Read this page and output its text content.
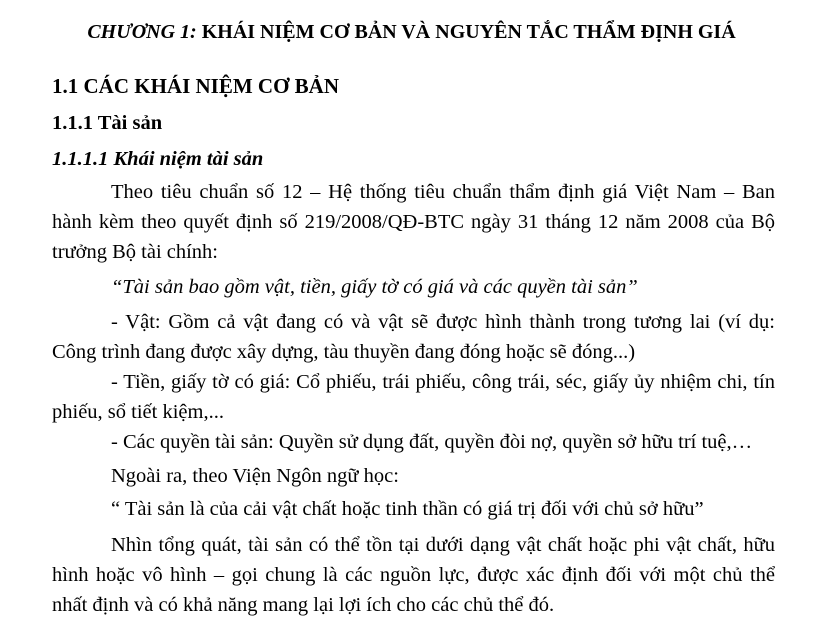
CHƯƠNG 1: KHÁI NIỆM CƠ BẢN VÀ NGUYÊN TẮC THẨM ĐỊNH GIÁ
1.1 CÁC KHÁI NIỆM CƠ BẢN
1.1.1 Tài sản
1.1.1.1 Khái niệm tài sản
Theo tiêu chuẩn số 12 – Hệ thống tiêu chuẩn thẩm định giá Việt Nam – Ban
hành kèm theo quyết định số 219/2008/QĐ-BTC ngày 31 tháng 12 năm 2008 của Bộ
trưởng Bộ tài chính:
“Tài sản bao gồm vật, tiền, giấy tờ có giá và các quyền tài sản”
- Vật: Gồm cả vật đang có và vật sẽ được hình thành trong tương lai (ví dụ:
Công trình đang được xây dựng, tàu thuyền đang đóng hoặc sẽ đóng...)
- Tiền, giấy tờ có giá: Cổ phiếu, trái phiếu, công trái, séc, giấy ủy nhiệm chi, tín
phiếu, sổ tiết kiệm,...
- Các quyền tài sản: Quyền sử dụng đất, quyền đòi nợ, quyền sở hữu trí tuệ,…
Ngoài ra, theo Viện Ngôn ngữ học:
“ Tài sản là của cải vật chất hoặc tinh thần có giá trị đối với chủ sở hữu”
Nhìn tổng quát, tài sản có thể tồn tại dưới dạng vật chất hoặc phi vật chất, hữu
hình hoặc vô hình – gọi chung là các nguồn lực, được xác định đối với một chủ thể
nhất định và có khả năng mang lại lợi ích cho các chủ thể đó.
